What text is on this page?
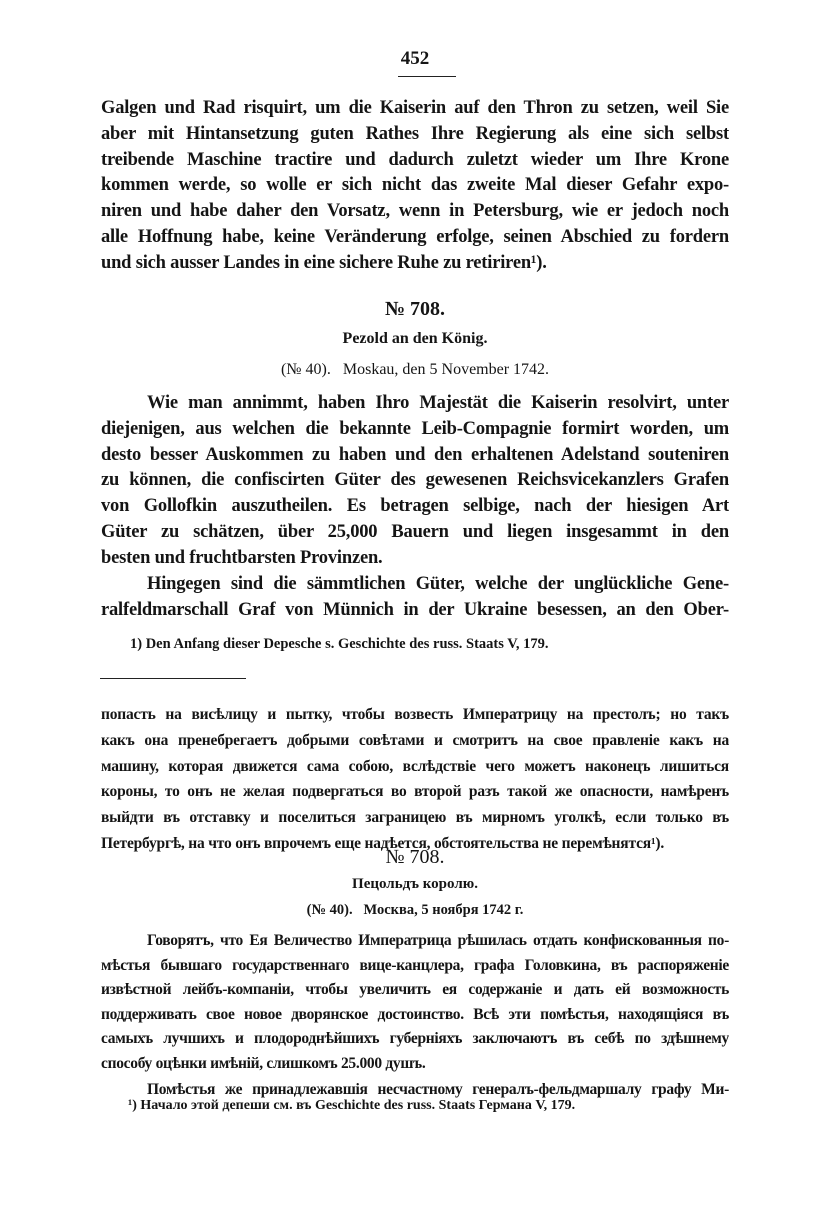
452
Galgen und Rad risquirt, um die Kaiserin auf den Thron zu setzen, weil Sie
aber mit Hintansetzung guten Rathes Ihre Regierung als eine sich selbst
treibende Maschine tractire und dadurch zuletzt wieder um Ihre Krone
kommen werde, so wolle er sich nicht das zweite Mal dieser Gefahr expo-
niren und habe daher den Vorsatz, wenn in Petersburg, wie er jedoch noch
alle Hoffnung habe, keine Veränderung erfolge, seinen Abschied zu fordern
und sich ausser Landes in eine sichere Ruhe zu retiriren¹).
№ 708.
Pezold an den König.
(№ 40).   Moskau, den 5 November 1742.
Wie man annimmt, haben Ihro Majestät die Kaiserin resolvirt, unter
diejenigen, aus welchen die bekannte Leib-Compagnie formirt worden, um
desto besser Auskommen zu haben und den erhaltenen Adelstand souteniren
zu können, die confiscirten Güter des gewesenen Reichsvicekanzlers Grafen
von Gollofkin auszutheilen. Es betragen selbige, nach der hiesigen Art
Güter zu schätzen, über 25,000 Bauern und liegen insgesammt in den
besten und fruchtbarsten Provinzen.
Hingegen sind die sämmtlichen Güter, welche der unglückliche Gene-
ralfeldmarschall Graf von Münnich in der Ukraine besessen, an den Ober-
1) Den Anfang dieser Depesche s. Geschichte des russ. Staats V, 179.
попасть на висѣлицу и пытку, чтобы возвесть Императрицу на престолъ; но такъ
какъ она пренебрегаетъ добрыми совѣтами и смотритъ на свое правленіе какъ на
машину, которая движется сама собою, вслѣдствіе чего можетъ наконецъ лишиться
короны, то онъ не желая подвергаться во второй разъ такой же опасности, намѣренъ
выйдти въ отставку и поселиться заграницею въ мирномъ уголкѣ, если только въ
Петербургѣ, на что онъ впрочемъ еще надѣется, обстоятельства не перемѣнятся¹).
№ 708.
Пецольдъ королю.
(№ 40).   Москва, 5 ноября 1742 г.
Говорятъ, что Ея Величество Императрица рѣшилась отдать конфискованныя по-
мѣстья бывшаго государственнаго вице-канцлера, графа Головкина, въ распоряженіе
извѣстной лейбъ-компаніи, чтобы увеличить ея содержаніе и дать ей возможность
поддерживать свое новое дворянское достоинство. Всѣ эти помѣстья, находящіяся въ
самыхъ лучшихъ и плодороднѣйшихъ губерніяхъ заключаютъ въ себѣ по здѣшнему
способу оцѣнки имѣній, слишкомъ 25.000 душъ.
Помѣстья же принадлежавшія несчастному генералъ-фельдмаршалу графу Ми-
¹) Начало этой депеши см. въ Geschichte des russ. Staats Германа V, 179.
